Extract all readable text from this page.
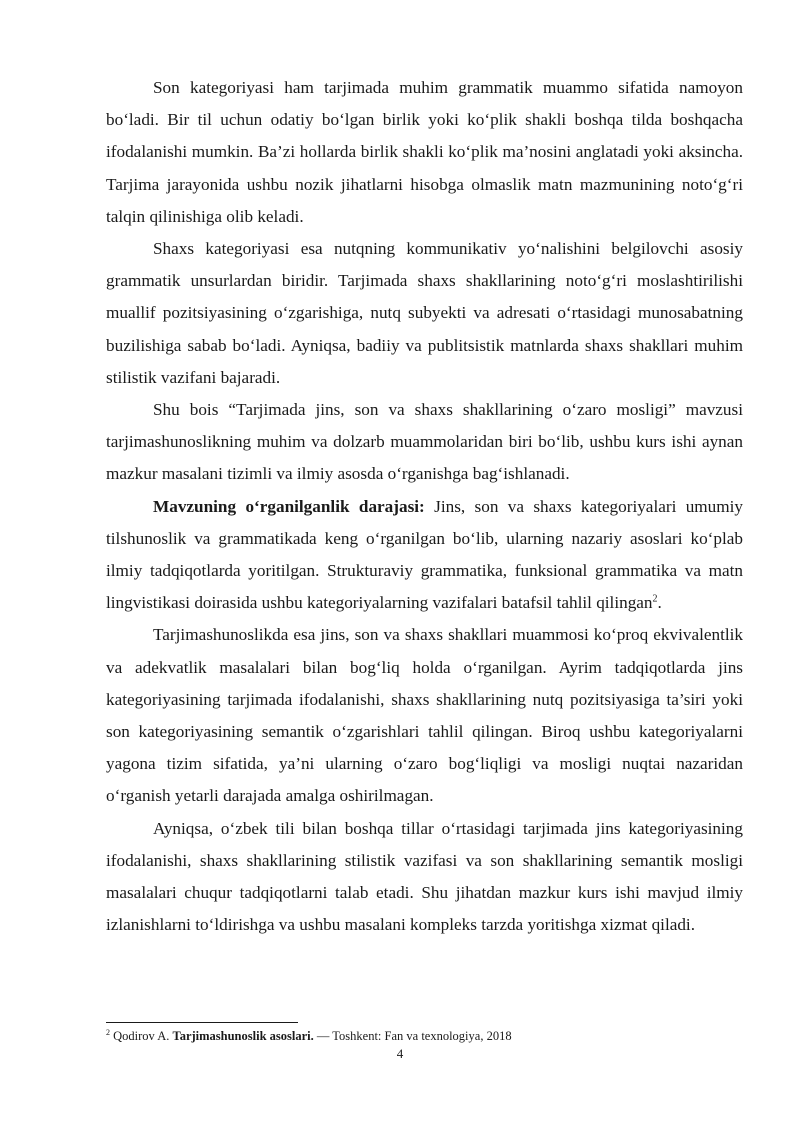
Son kategoriyasi ham tarjimada muhim grammatik muammo sifatida namoyon bo‘ladi. Bir til uchun odatiy bo‘lgan birlik yoki ko‘plik shakli boshqa tilda boshqacha ifodalanishi mumkin. Ba’zi hollarda birlik shakli ko‘plik ma’nosini anglatadi yoki aksincha. Tarjima jarayonida ushbu nozik jihatlarni hisobga olmaslik matn mazmunining noto‘g‘ri talqin qilinishiga olib keladi.

Shaxs kategoriyasi esa nutqning kommunikativ yo‘nalishini belgilovchi asosiy grammatik unsurlardan biridir. Tarjimada shaxs shakllarining noto‘g‘ri moslashtirilishi muallif pozitsiyasining o‘zgarishiga, nutq subyekti va adresati o‘rtasidagi munosabatning buzilishiga sabab bo‘ladi. Ayniqsa, badiiy va publitsistik matnlarda shaxs shakllari muhim stilistik vazifani bajaradi.

Shu bois “Tarjimada jins, son va shaxs shakllarining o‘zaro mosligi” mavzusi tarjimashunoslikning muhim va dolzarb muammolaridan biri bo‘lib, ushbu kurs ishi aynan mazkur masalani tizimli va ilmiy asosda o‘rganishga bag‘ishlanadi.

Mavzuning o‘rganilganlik darajasi: Jins, son va shaxs kategoriyalari umumiy tilshunoslik va grammatikada keng o‘rganilgan bo‘lib, ularning nazariy asoslari ko‘plab ilmiy tadqiqotlarda yoritilgan. Strukturaviy grammatika, funksional grammatika va matn lingvistikasi doirasida ushbu kategoriyalarning vazifalari batafsil tahlil qilingan$^2$.

Tarjimashunoslikda esa jins, son va shaxs shakllari muammosi ko‘proq ekvivalentlik va adekvatlik masalalari bilan bog‘liq holda o‘rganilgan. Ayrim tadqiqotlarda jins kategoriyasining tarjimada ifodalanishi, shaxs shakllarining nutq pozitsiyasiga ta’siri yoki son kategoriyasining semantik o‘zgarishlari tahlil qilingan. Biroq ushbu kategoriyalarni yagona tizim sifatida, ya’ni ularning o‘zaro bog‘liqligi va mosligi nuqtai nazaridan o‘rganish yetarli darajada amalga oshirilmagan.

Ayniqsa, o‘zbek tili bilan boshqa tillar o‘rtasidagi tarjimada jins kategoriyasining ifodalanishi, shaxs shakllarining stilistik vazifasi va son shakllarining semantik mosligi masalalari chuqur tadqiqotlarni talab etadi. Shu jihatdan mazkur kurs ishi mavjud ilmiy izlanishlarni to‘ldirishga va ushbu masalani kompleks tarzda yoritishga xizmat qiladi.

$^2$ Qodirov A. Tarjimashunoslik asoslari. — Toshkent: Fan va texnologiya, 2018
4
